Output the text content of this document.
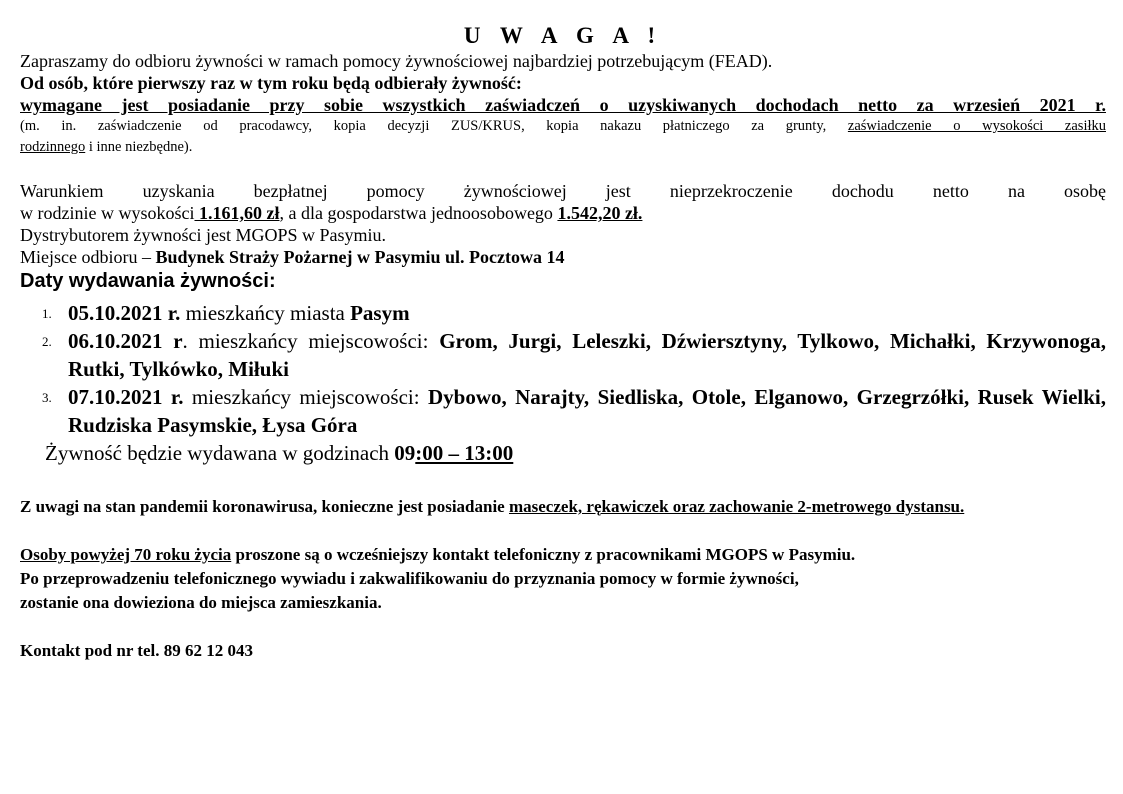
U W A G A !
Zapraszamy do odbioru żywności w ramach pomocy żywnościowej najbardziej potrzebującym (FEAD).
Od osób, które pierwszy raz w tym roku będą odbierały żywność:
wymagane jest posiadanie przy sobie wszystkich zaświadczeń o uzyskiwanych dochodach netto za wrzesień 2021 r.
(m. in. zaświadczenie od pracodawcy, kopia decyzji ZUS/KRUS, kopia nakazu płatniczego za grunty, zaświadczenie o wysokości zasiłku
rodzinnego i inne niezbędne).
Warunkiem uzyskania bezpłatnej pomocy żywnościowej jest nieprzekroczenie dochodu netto na osobę
w rodzinie w wysokości 1.161,60 zł, a dla gospodarstwa jednoosobowego 1.542,20 zł.
Dystrybutorem żywności jest MGOPS w Pasymiu.
Miejsce odbioru – Budynek Straży Pożarnej w Pasymiu ul. Pocztowa 14
Daty wydawania żywności:
1. 05.10.2021 r. mieszkańcy miasta Pasym
2. 06.10.2021 r. mieszkańcy miejscowości: Grom, Jurgi, Leleszki, Dźwiersztyny, Tylkowo, Michałki, Krzywonoga, Rutki, Tylkówko, Miłuki
3. 07.10.2021 r. mieszkańcy miejscowości: Dybowo, Narajty, Siedliska, Otole, Elganowo, Grzegrzółki, Rusek Wielki, Rudziska Pasymskie, Łysa Góra
Żywność będzie wydawana w godzinach 09:00 – 13:00
Z uwagi na stan pandemii koronawirusa, konieczne jest posiadanie maseczek, rękawiczek oraz zachowanie 2-metrowego dystansu.
Osoby powyżej 70 roku życia proszone są o wcześniejszy kontakt telefoniczny z pracownikami MGOPS w Pasymiu.
Po przeprowadzeniu telefonicznego wywiadu i zakwalifikowaniu do przyznania pomocy w formie żywności,
zostanie ona dowieziona do miejsca zamieszkania.
Kontakt pod nr tel. 89 62 12 043
